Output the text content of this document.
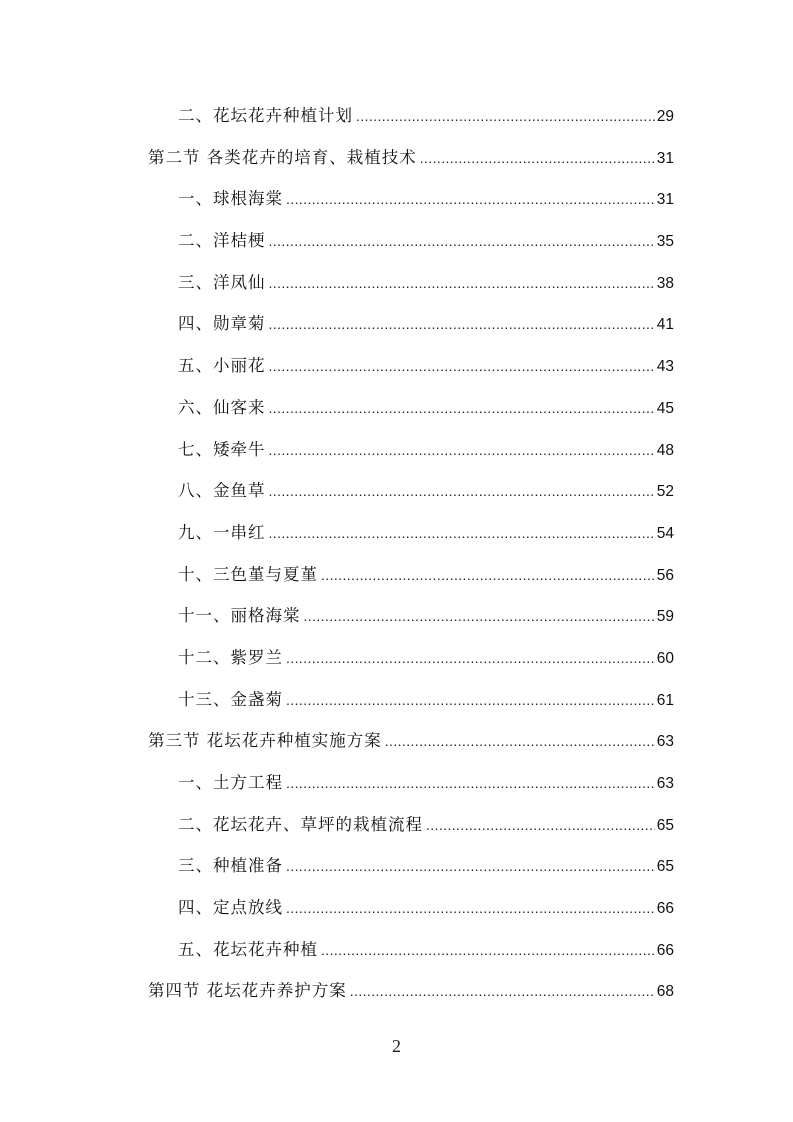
二、花坛花卉种植计划 .....	29
第二节 各类花卉的培育、栽植技术 .....	31
一、球根海棠 .....	31
二、洋桔梗 .....	35
三、洋凤仙 .....	38
四、勋章菊 .....	41
五、小丽花 .....	43
六、仙客来 .....	45
七、矮牵牛 .....	48
八、金鱼草 .....	52
九、一串红 .....	54
十、三色堇与夏堇 .....	56
十一、丽格海棠 .....	59
十二、紫罗兰 .....	60
十三、金盏菊 .....	61
第三节 花坛花卉种植实施方案 .....	63
一、土方工程 .....	63
二、花坛花卉、草坪的栽植流程 .....	65
三、种植准备 .....	65
四、定点放线 .....	66
五、花坛花卉种植 .....	66
第四节 花坛花卉养护方案 .....	68
2
